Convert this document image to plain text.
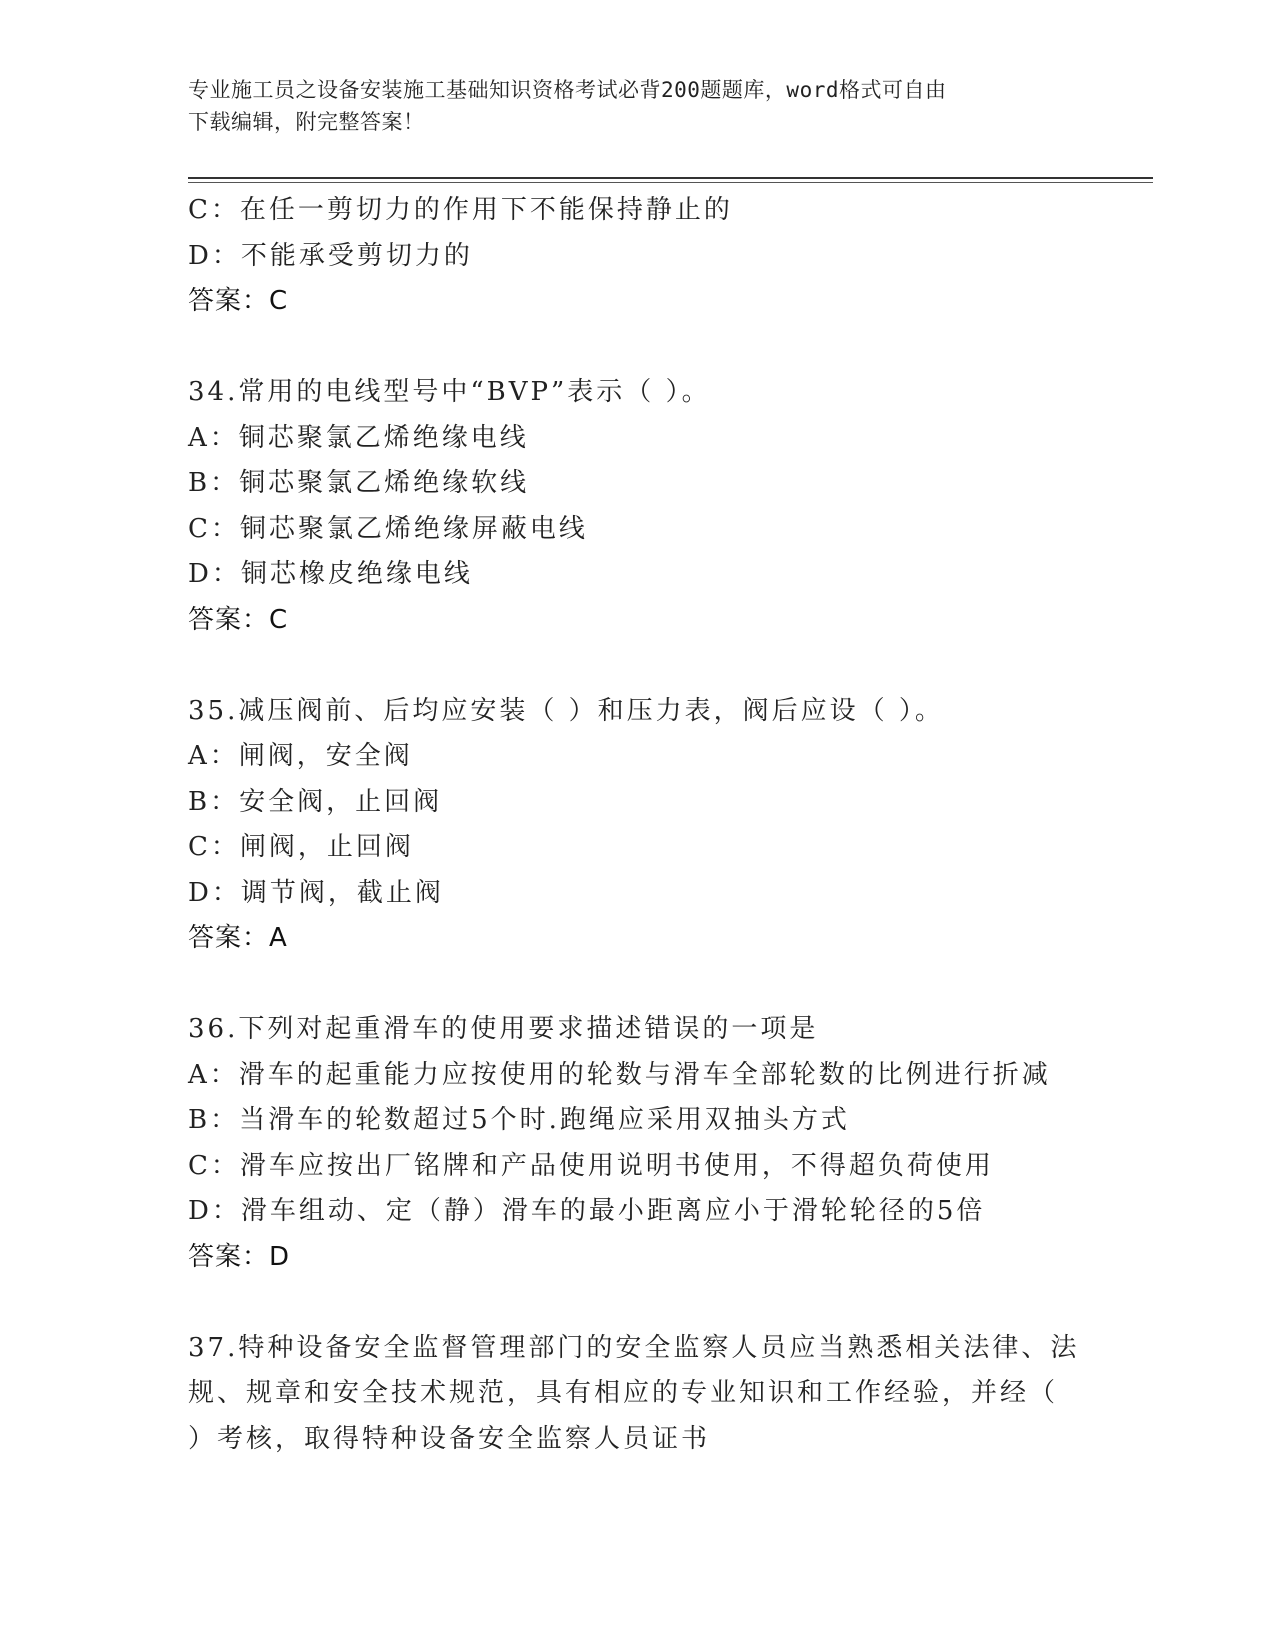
专业施工员之设备安装施工基础知识资格考试必背200题题库，word格式可自由
下载编辑，附完整答案！
C：在任一剪切力的作用下不能保持静止的
D：不能承受剪切力的
答案：C
34.常用的电线型号中“BVP”表示（ ）。
A：铜芯聚氯乙烯绝缘电线
B：铜芯聚氯乙烯绝缘软线
C：铜芯聚氯乙烯绝缘屏蔽电线
D：铜芯橡皮绝缘电线
答案：C
35.减压阀前、后均应安装（ ）和压力表，阀后应设（ ）。
A：闸阀，安全阀
B：安全阀，止回阀
C：闸阀，止回阀
D：调节阀，截止阀
答案：A
36.下列对起重滑车的使用要求描述错误的一项是
A：滑车的起重能力应按使用的轮数与滑车全部轮数的比例进行折减
B：当滑车的轮数超过5个时.跑绳应采用双抽头方式
C：滑车应按出厂铭牌和产品使用说明书使用，不得超负荷使用
D：滑车组动、定（静）滑车的最小距离应小于滑轮轮径的5倍
答案：D
37.特种设备安全监督管理部门的安全监察人员应当熟悉相关法律、法
规、规章和安全技术规范，具有相应的专业知识和工作经验，并经（
）考核，取得特种设备安全监察人员证书
